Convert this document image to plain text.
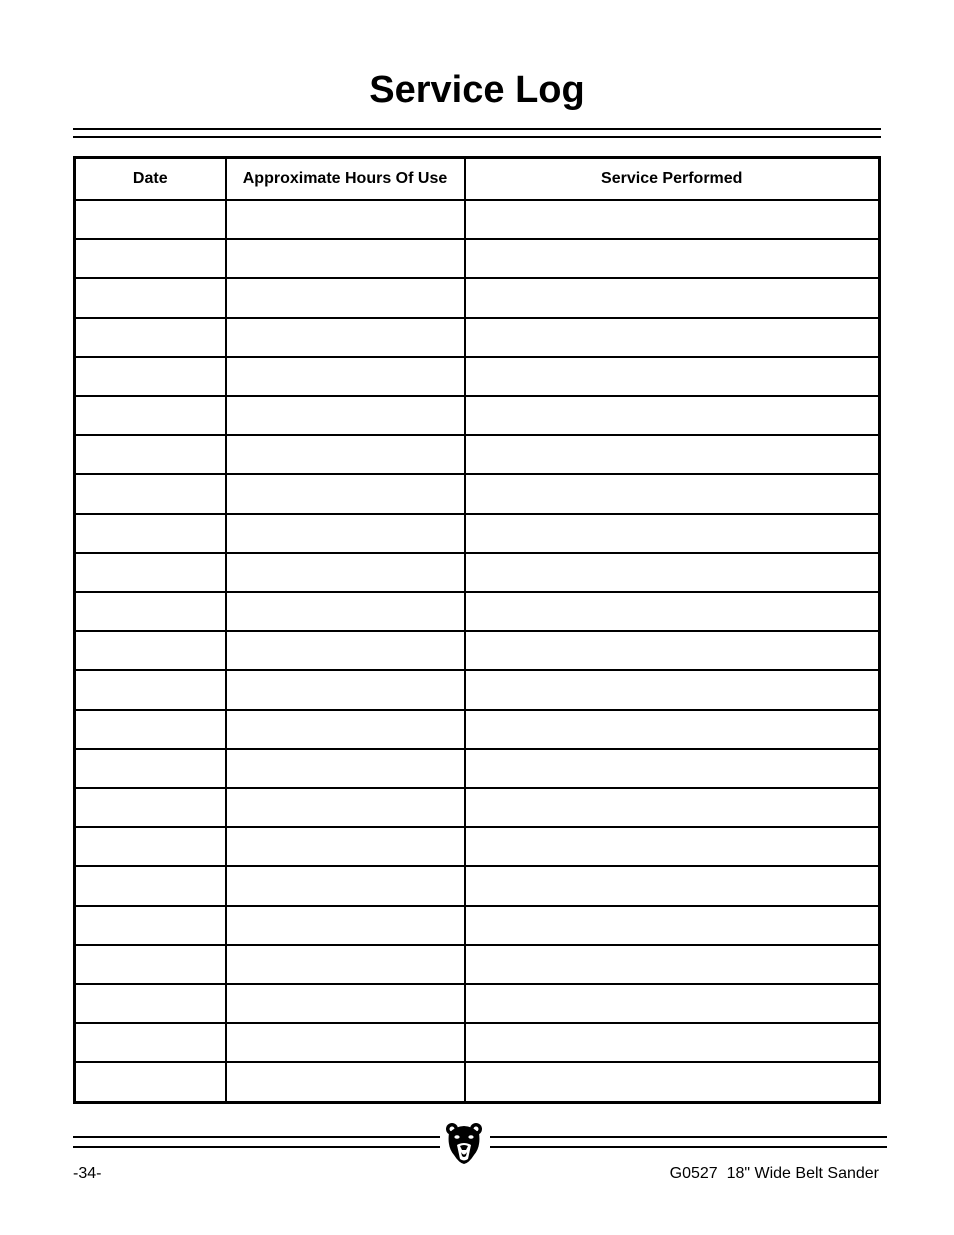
Service Log
Date	Approximate Hours Of Use	Service Performed

-34-	G0527  18" Wide Belt Sander
